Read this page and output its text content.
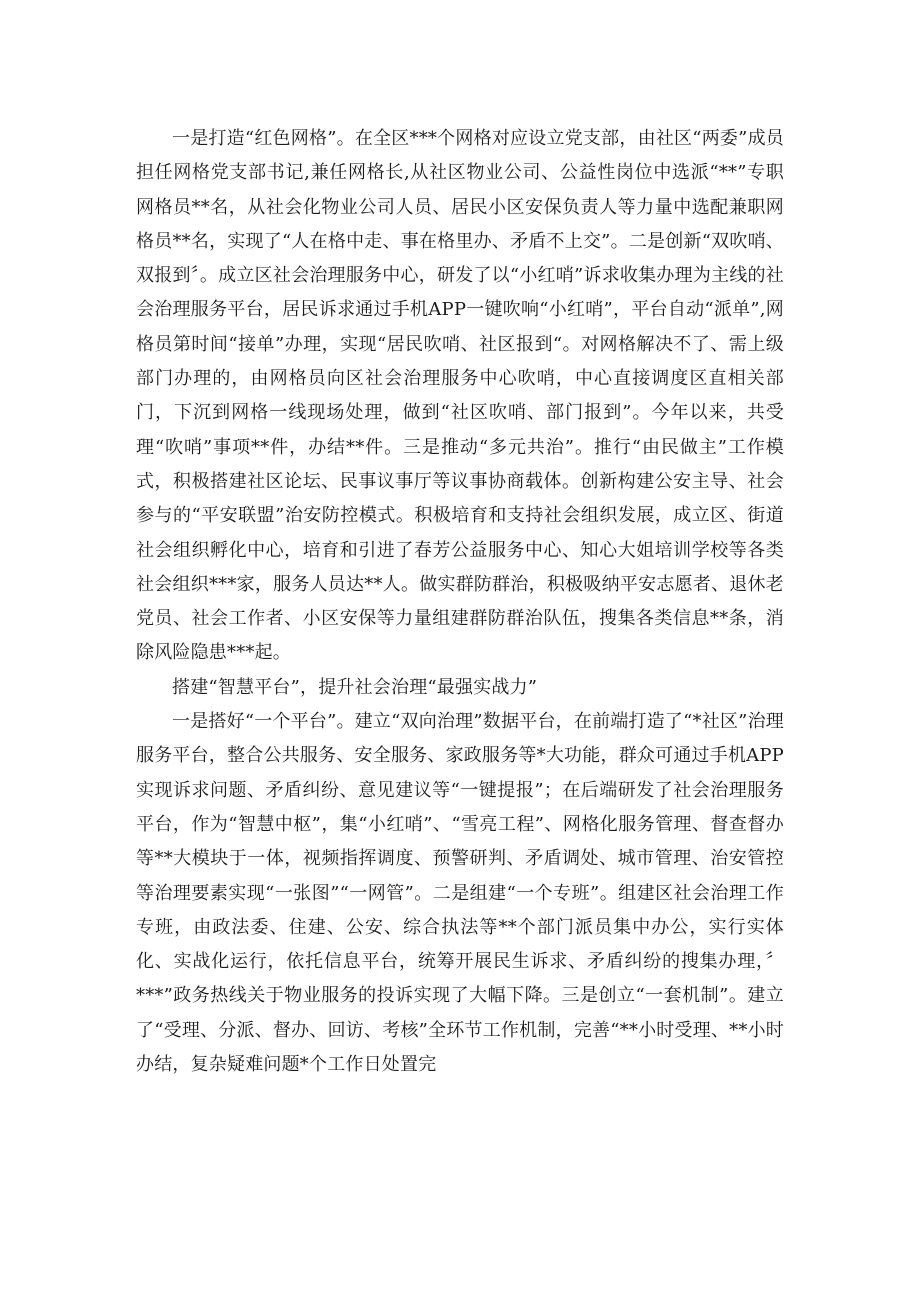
一是打造“红色网格”。在全区***个网格对应设立党支部，由社区“两委”成员担任网格党支部书记,兼任网格长,从社区物业公司、公益性岗位中选派“**”专职网格员**名，从社会化物业公司人员、居民小区安保负责人等力量中选配兼职网格员**名，实现了“人在格中走、事在格里办、矛盾不上交”。二是创新“双吹哨、双报到〞。成立区社会治理服务中心，研发了以“小红哨”诉求收集办理为主线的社会治理服务平台，居民诉求通过手机APP一键吹响“小红哨”，平台自动“派单”,网格员第时间“接单”办理，实现“居民吹哨、社区报到“。对网格解决不了、需上级部门办理的，由网格员向区社会治理服务中心吹哨，中心直接调度区直相关部门，下沉到网格一线现场处理，做到“社区吹哨、部门报到”。今年以来，共受理“吹哨”事项**件，办结**件。三是推动“多元共治”。推行“由民做主”工作模式，积极搭建社区论坛、民事议事厅等议事协商载体。创新构建公安主导、社会参与的“平安联盟”治安防控模式。积极培育和支持社会组织发展，成立区、街道社会组织孵化中心，培育和引进了春芳公益服务中心、知心大姐培训学校等各类社会组织***家，服务人员达**人。做实群防群治，积极吸纳平安志愿者、退休老党员、社会工作者、小区安保等力量组建群防群治队伍，搜集各类信息**条，消除风险隐患***起。

搭建“智慧平台”，提升社会治理“最强实战力”

一是搭好“一个平台”。建立“双向治理”数据平台，在前端打造了“*社区”治理服务平台，整合公共服务、安全服务、家政服务等*大功能，群众可通过手机APP实现诉求问题、矛盾纠纷、意见建议等“一键提报”；在后端研发了社会治理服务平台，作为“智慧中枢”，集“小红哨”、“雪亮工程”、网格化服务管理、督查督办等**大模块于一体，视频指挥调度、预警研判、矛盾调处、城市管理、治安管控等治理要素实现“一张图”“一网管”。二是组建“一个专班”。组建区社会治理工作专班，由政法委、住建、公安、综合执法等**个部门派员集中办公，实行实体化、实战化运行，依托信息平台，统筹开展民生诉求、矛盾纠纷的搜集办理，〞***”政务热线关于物业服务的投诉实现了大幅下降。三是创立“一套机制”。建立了“受理、分派、督办、回访、考核”全环节工作机制，完善“**小时受理、**小时办结，复杂疑难问题*个工作日处置完
